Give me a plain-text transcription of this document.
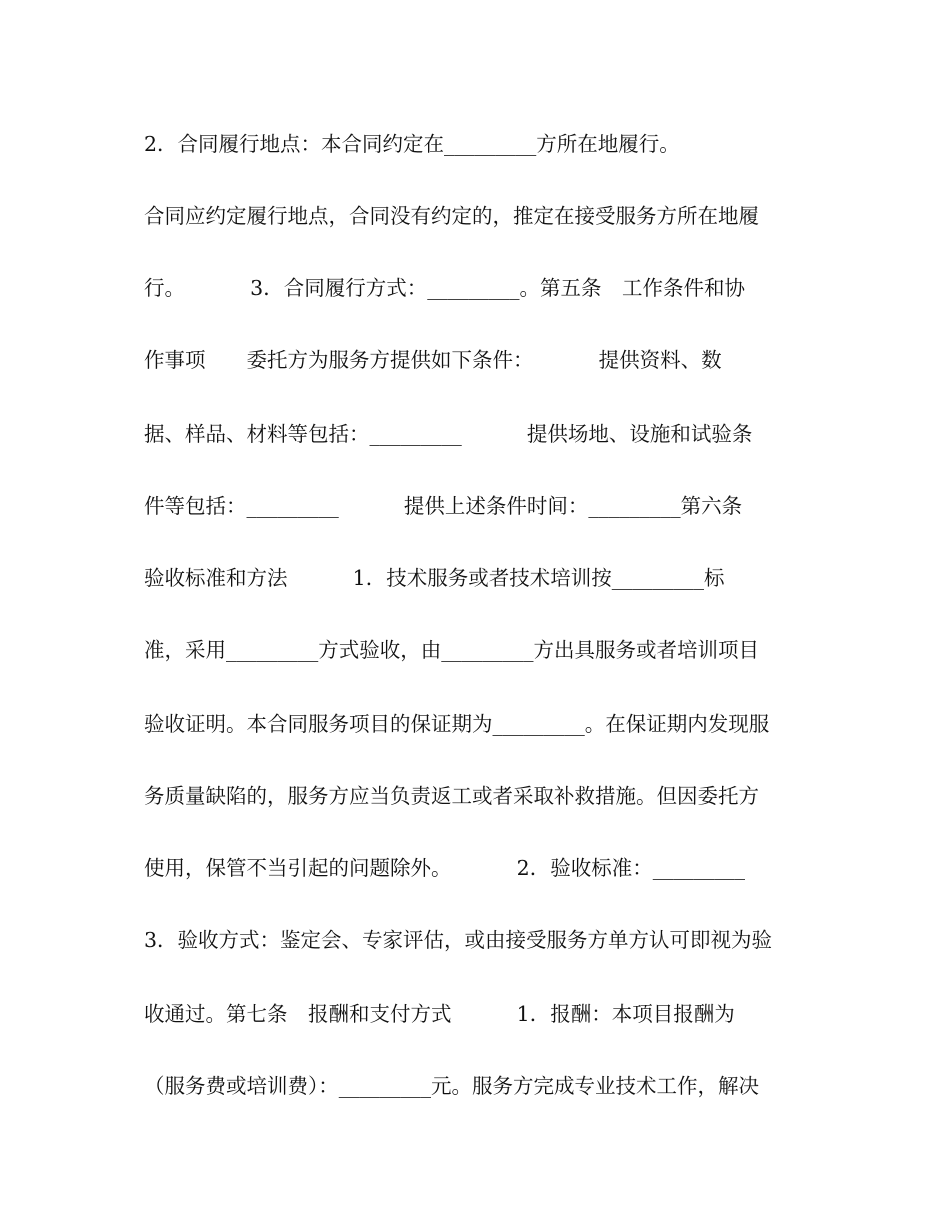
2．合同履行地点：本合同约定在_________方所在地履行。
合同应约定履行地点，合同没有约定的，推定在接受服务方所在地履
行。          3．合同履行方式：_________。第五条　工作条件和协
作事项　　委托方为服务方提供如下条件：          提供资料、数
据、样品、材料等包括：_________          提供场地、设施和试验条
件等包括：_________          提供上述条件时间：_________第六条
验收标准和方法          1．技术服务或者技术培训按_________标
准，采用_________方式验收，由_________方出具服务或者培训项目
验收证明。本合同服务项目的保证期为_________。在保证期内发现服
务质量缺陷的，服务方应当负责返工或者采取补救措施。但因委托方
使用，保管不当引起的问题除外。          2．验收标准：_________
3．验收方式：鉴定会、专家评估，或由接受服务方单方认可即视为验
收通过。第七条　报酬和支付方式          1．报酬：本项目报酬为
（服务费或培训费）：_________元。服务方完成专业技术工作，解决
